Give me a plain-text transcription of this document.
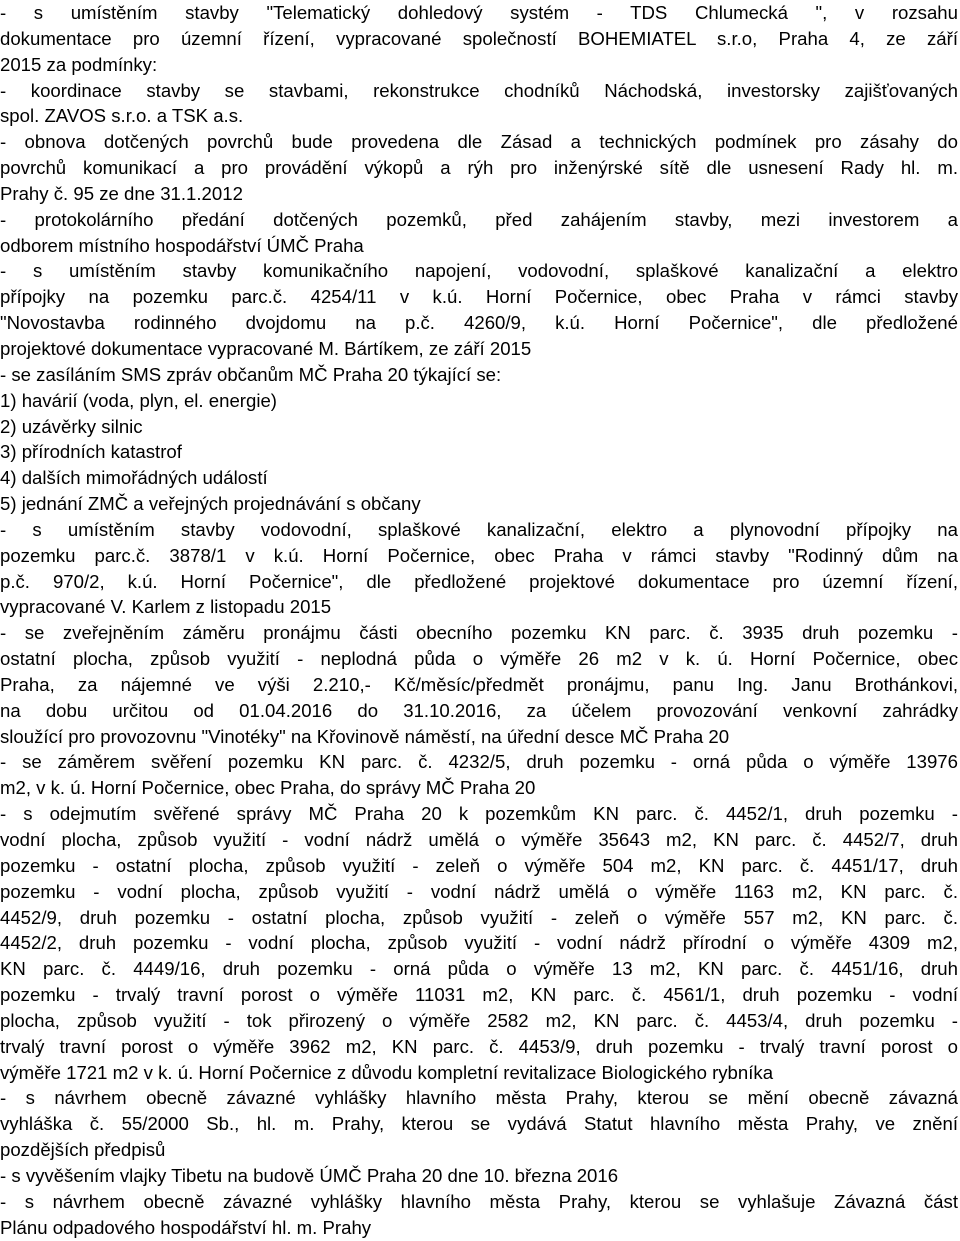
- s umístěním stavby "Telematický dohledový systém - TDS Chlumecká ", v rozsahu
dokumentace pro územní řízení, vypracované společností BOHEMIATEL s.r.o, Praha 4, ze září
2015 za podmínky:
- koordinace stavby se stavbami, rekonstrukce chodníků Náchodská, investorsky zajišťovaných
spol. ZAVOS s.r.o. a TSK a.s.
- obnova dotčených povrchů bude provedena dle Zásad a technických podmínek pro zásahy do
povrchů komunikací a pro provádění výkopů a rýh pro inženýrské sítě dle usnesení Rady hl. m.
Prahy č. 95 ze dne 31.1.2012
- protokolárního předání dotčených pozemků, před zahájením stavby, mezi investorem a
odborem místního hospodářství ÚMČ Praha
- s umístěním stavby komunikačního napojení, vodovodní, splaškové kanalizační a elektro
přípojky na pozemku parc.č. 4254/11 v k.ú. Horní Počernice, obec Praha v rámci stavby
"Novostavba rodinného dvojdomu na p.č. 4260/9, k.ú. Horní Počernice", dle předložené
projektové dokumentace vypracované M. Bártíkem, ze září 2015
- se zasíláním SMS zpráv občanům MČ Praha 20 týkající se:
1) havárií (voda, plyn, el. energie)
2) uzávěrky silnic
3) přírodních katastrof
4) dalších mimořádných událostí
5) jednání ZMČ a veřejných projednávání s občany
- s umístěním stavby vodovodní, splaškové kanalizační, elektro a plynovodní přípojky na
pozemku parc.č. 3878/1 v k.ú. Horní Počernice, obec Praha v rámci stavby "Rodinný dům na
p.č. 970/2, k.ú. Horní Počernice", dle předložené projektové dokumentace pro územní řízení,
vypracované V. Karlem z listopadu 2015
- se zveřejněním záměru pronájmu části obecního pozemku KN parc. č. 3935 druh pozemku -
ostatní plocha, způsob využití - neplodná půda o výměře 26 m2 v k. ú. Horní Počernice, obec
Praha, za nájemné ve výši 2.210,- Kč/měsíc/předmět pronájmu, panu Ing. Janu Brothánkovi,
na dobu určitou od 01.04.2016 do 31.10.2016, za účelem provozování venkovní zahrádky
sloužící pro provozovnu "Vinotéky" na Křovinově náměstí, na úřední desce MČ Praha 20
- se záměrem svěření pozemku KN parc. č. 4232/5, druh pozemku - orná půda o výměře 13976
m2, v k. ú. Horní Počernice, obec Praha, do správy MČ Praha 20
- s odejmutím svěřené správy MČ Praha 20 k pozemkům KN parc. č. 4452/1, druh pozemku -
vodní plocha, způsob využití - vodní nádrž umělá o výměře 35643 m2, KN parc. č. 4452/7, druh
pozemku - ostatní plocha, způsob využití - zeleň o výměře 504 m2, KN parc. č. 4451/17, druh
pozemku - vodní plocha, způsob využití - vodní nádrž umělá o výměře 1163 m2, KN parc. č.
4452/9, druh pozemku - ostatní plocha, způsob využití - zeleň o výměře 557 m2, KN parc. č.
4452/2, druh pozemku - vodní plocha, způsob využití - vodní nádrž přírodní o výměře 4309 m2,
KN parc. č. 4449/16, druh pozemku - orná půda o výměře 13 m2, KN parc. č. 4451/16, druh
pozemku - trvalý travní porost o výměře 11031 m2, KN parc. č. 4561/1, druh pozemku - vodní
plocha, způsob využití - tok přirozený o výměře 2582 m2, KN parc. č. 4453/4, druh pozemku -
trvalý travní porost o výměře 3962 m2, KN parc. č. 4453/9, druh pozemku - trvalý travní porost o
výměře 1721 m2 v k. ú. Horní Počernice z důvodu kompletní revitalizace Biologického rybníka
- s návrhem obecně závazné vyhlášky hlavního města Prahy, kterou se mění obecně závazná
vyhláška č. 55/2000 Sb., hl. m. Prahy, kterou se vydává Statut hlavního města Prahy, ve znění
pozdějších předpisů
- s vyvěšením vlajky Tibetu na budově ÚMČ Praha 20 dne 10. března 2016
- s návrhem obecně závazné vyhlášky hlavního města Prahy, kterou se vyhlašuje Závazná část
Plánu odpadového hospodářství hl. m. Prahy
